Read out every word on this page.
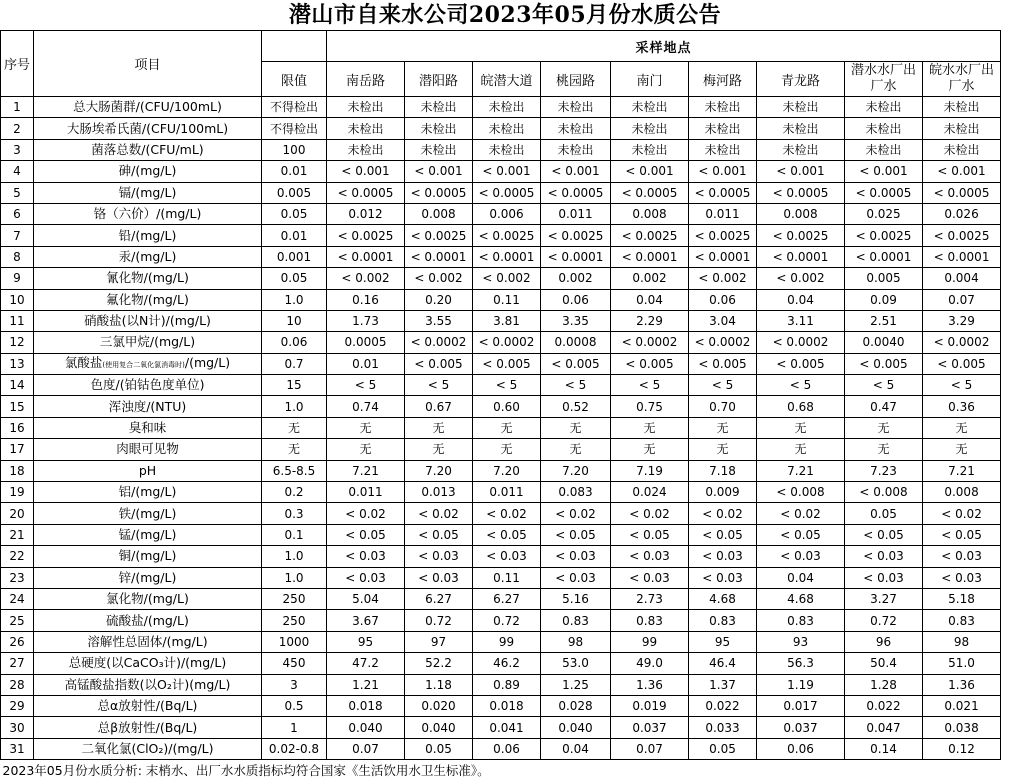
潜山市自来水公司2023年05月份水质公告
序号	项目		采样地点								
		限值	南岳路	潜阳路	皖潜大道	桃园路	南门	梅河路	青龙路	潜水水厂出厂水	皖水水厂出厂水
1	总大肠菌群/(CFU/100mL)	不得检出	未检出	未检出	未检出	未检出	未检出	未检出	未检出	未检出	未检出
2	大肠埃希氏菌/(CFU/100mL)	不得检出	未检出	未检出	未检出	未检出	未检出	未检出	未检出	未检出	未检出
3	菌落总数/(CFU/mL)	100	未检出	未检出	未检出	未检出	未检出	未检出	未检出	未检出	未检出
4	砷/(mg/L)	0.01	< 0.001	< 0.001	< 0.001	< 0.001	< 0.001	< 0.001	< 0.001	< 0.001	< 0.001
5	镉/(mg/L)	0.005	< 0.0005	< 0.0005	< 0.0005	< 0.0005	< 0.0005	< 0.0005	< 0.0005	< 0.0005	< 0.0005
6	铬（六价）/(mg/L)	0.05	0.012	0.008	0.006	0.011	0.008	0.011	0.008	0.025	0.026
7	铅/(mg/L)	0.01	< 0.0025	< 0.0025	< 0.0025	< 0.0025	< 0.0025	< 0.0025	< 0.0025	< 0.0025	< 0.0025
8	汞/(mg/L)	0.001	< 0.0001	< 0.0001	< 0.0001	< 0.0001	< 0.0001	< 0.0001	< 0.0001	< 0.0001	< 0.0001
9	氰化物/(mg/L)	0.05	< 0.002	< 0.002	< 0.002	0.002	0.002	< 0.002	< 0.002	0.005	0.004
10	氟化物/(mg/L)	1.0	0.16	0.20	0.11	0.06	0.04	0.06	0.04	0.09	0.07
11	硝酸盐(以N计)/(mg/L)	10	1.73	3.55	3.81	3.35	2.29	3.04	3.11	2.51	3.29
12	三氯甲烷/(mg/L)	0.06	0.0005	< 0.0002	< 0.0002	0.0008	< 0.0002	< 0.0002	< 0.0002	0.0040	< 0.0002
13	氯酸盐(使用复合二氧化氯消毒时)/(mg/L)	0.7	0.01	< 0.005	< 0.005	< 0.005	< 0.005	< 0.005	< 0.005	< 0.005	< 0.005
14	色度/(铂钴色度单位)	15	< 5	< 5	< 5	< 5	< 5	< 5	< 5	< 5	< 5
15	浑浊度/(NTU)	1.0	0.74	0.67	0.60	0.52	0.75	0.70	0.68	0.47	0.36
16	臭和味	无	无	无	无	无	无	无	无	无	无
17	肉眼可见物	无	无	无	无	无	无	无	无	无	无
18	pH	6.5-8.5	7.21	7.20	7.20	7.20	7.19	7.18	7.21	7.23	7.21
19	铝/(mg/L)	0.2	0.011	0.013	0.011	0.083	0.024	0.009	< 0.008	< 0.008	0.008
20	铁/(mg/L)	0.3	< 0.02	< 0.02	< 0.02	< 0.02	< 0.02	< 0.02	< 0.02	0.05	< 0.02
21	锰/(mg/L)	0.1	< 0.05	< 0.05	< 0.05	< 0.05	< 0.05	< 0.05	< 0.05	< 0.05	< 0.05
22	铜/(mg/L)	1.0	< 0.03	< 0.03	< 0.03	< 0.03	< 0.03	< 0.03	< 0.03	< 0.03	< 0.03
23	锌/(mg/L)	1.0	< 0.03	< 0.03	0.11	< 0.03	< 0.03	< 0.03	0.04	< 0.03	< 0.03
24	氯化物/(mg/L)	250	5.04	6.27	6.27	5.16	2.73	4.68	4.68	3.27	5.18
25	硫酸盐/(mg/L)	250	3.67	0.72	0.72	0.83	0.83	0.83	0.83	0.72	0.83
26	溶解性总固体/(mg/L)	1000	95	97	99	98	99	95	93	96	98
27	总硬度(以CaCO₃计)/(mg/L)	450	47.2	52.2	46.2	53.0	49.0	46.4	56.3	50.4	51.0
28	高锰酸盐指数(以O₂计)(mg/L)	3	1.21	1.18	0.89	1.25	1.36	1.37	1.19	1.28	1.36
29	总α放射性/(Bq/L)	0.5	0.018	0.020	0.018	0.028	0.019	0.022	0.017	0.022	0.021
30	总β放射性/(Bq/L)	1	0.040	0.040	0.041	0.040	0.037	0.033	0.037	0.047	0.038
31	二氧化氯(ClO₂)/(mg/L)	0.02-0.8	0.07	0.05	0.06	0.04	0.07	0.05	0.06	0.14	0.12
2023年05月份水质分析: 末梢水、出厂水水质指标均符合国家《生活饮用水卫生标准》。											
